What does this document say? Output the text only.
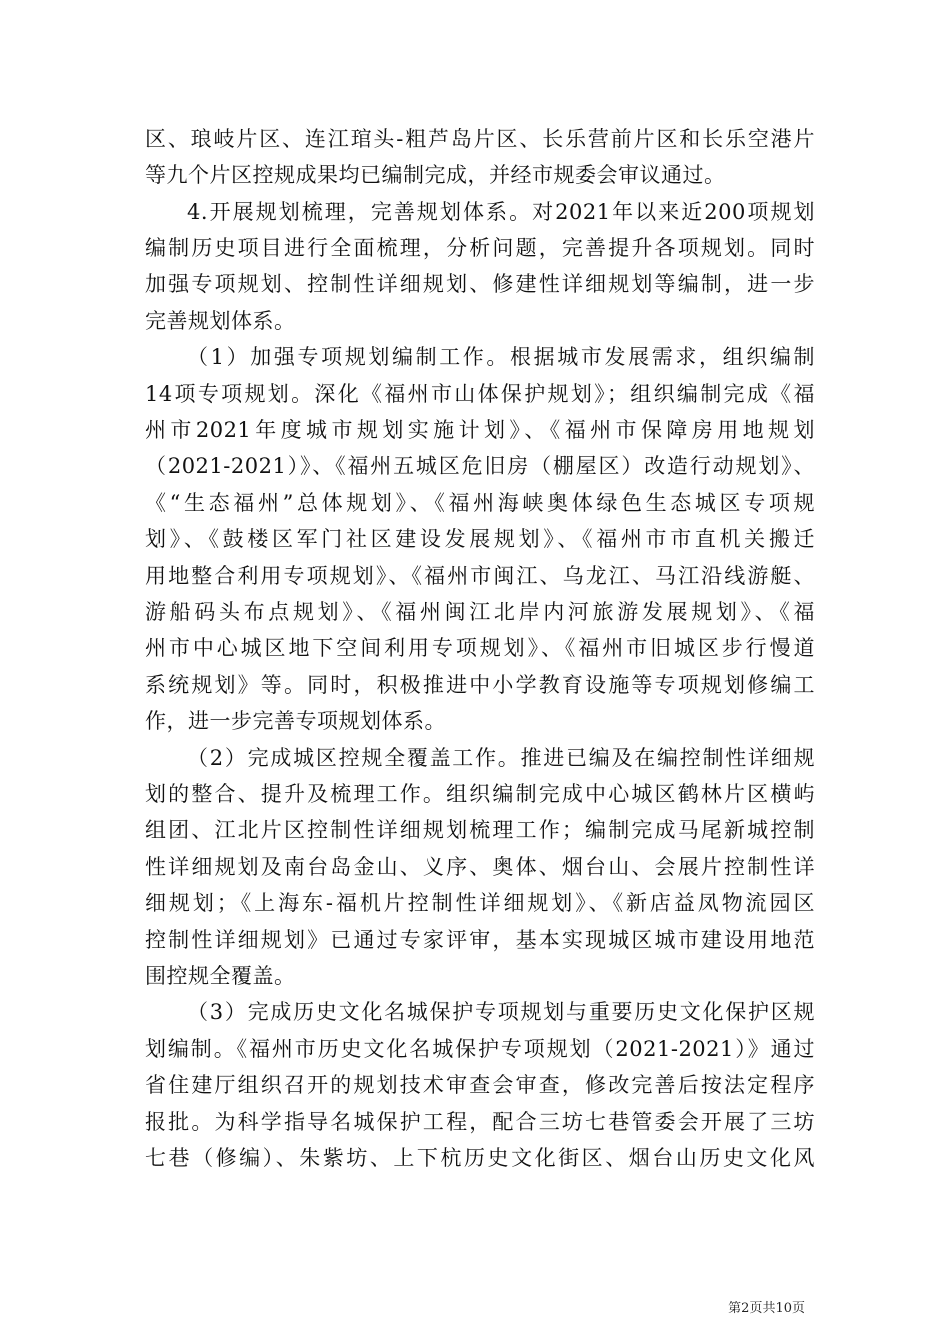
区、琅岐片区、连江琯头-粗芦岛片区、长乐营前片区和长乐空港片
等九个片区控规成果均已编制完成，并经市规委会审议通过。
4.开展规划梳理，完善规划体系。对2021年以来近200项规划
编制历史项目进行全面梳理，分析问题，完善提升各项规划。同时
加强专项规划、控制性详细规划、修建性详细规划等编制，进一步
完善规划体系。
（1）加强专项规划编制工作。根据城市发展需求，组织编制
14项专项规划。深化《福州市山体保护规划》；组织编制完成《福
州市2021年度城市规划实施计划》、《福州市保障房用地规划
（2021-2021）》、《福州五城区危旧房（棚屋区）改造行动规划》、
《“生态福州”总体规划》、《福州海峡奥体绿色生态城区专项规
划》、《鼓楼区军门社区建设发展规划》、《福州市市直机关搬迁
用地整合利用专项规划》、《福州市闽江、乌龙江、马江沿线游艇、
游船码头布点规划》、《福州闽江北岸内河旅游发展规划》、《福
州市中心城区地下空间利用专项规划》、《福州市旧城区步行慢道
系统规划》等。同时，积极推进中小学教育设施等专项规划修编工
作，进一步完善专项规划体系。
（2）完成城区控规全覆盖工作。推进已编及在编控制性详细规
划的整合、提升及梳理工作。组织编制完成中心城区鹤林片区横屿
组团、江北片区控制性详细规划梳理工作；编制完成马尾新城控制
性详细规划及南台岛金山、义序、奥体、烟台山、会展片控制性详
细规划；《上海东-福机片控制性详细规划》、《新店益凤物流园区
控制性详细规划》已通过专家评审，基本实现城区城市建设用地范
围控规全覆盖。
（3）完成历史文化名城保护专项规划与重要历史文化保护区规
划编制。《福州市历史文化名城保护专项规划（2021-2021）》通过
省住建厅组织召开的规划技术审查会审查，修改完善后按法定程序
报批。为科学指导名城保护工程，配合三坊七巷管委会开展了三坊
七巷（修编）、朱紫坊、上下杭历史文化街区、烟台山历史文化风
第2页共10页
